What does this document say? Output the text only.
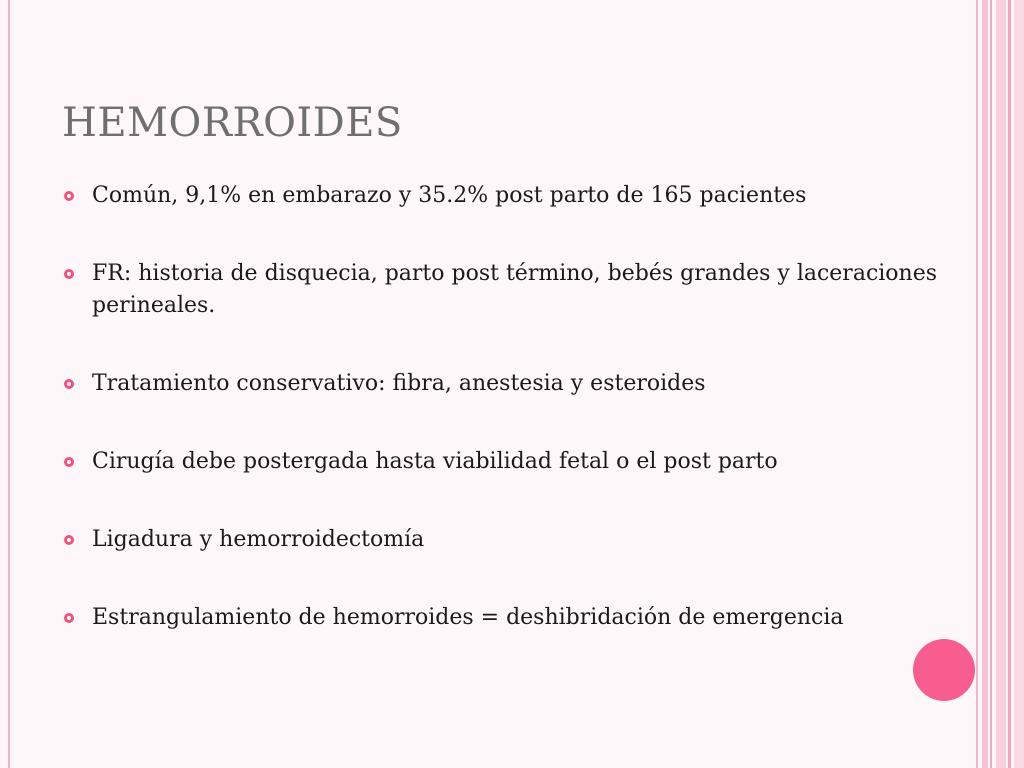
HEMORROIDES
Común, 9,1% en embarazo y 35.2% post parto de 165 pacientes
FR: historia de disquecia, parto post término, bebés grandes y laceraciones perineales.
Tratamiento conservativo: fibra, anestesia y esteroides
Cirugía debe postergada hasta viabilidad fetal o el post parto
Ligadura y hemorroidectomía
Estrangulamiento de hemorroides = deshibridación de emergencia
